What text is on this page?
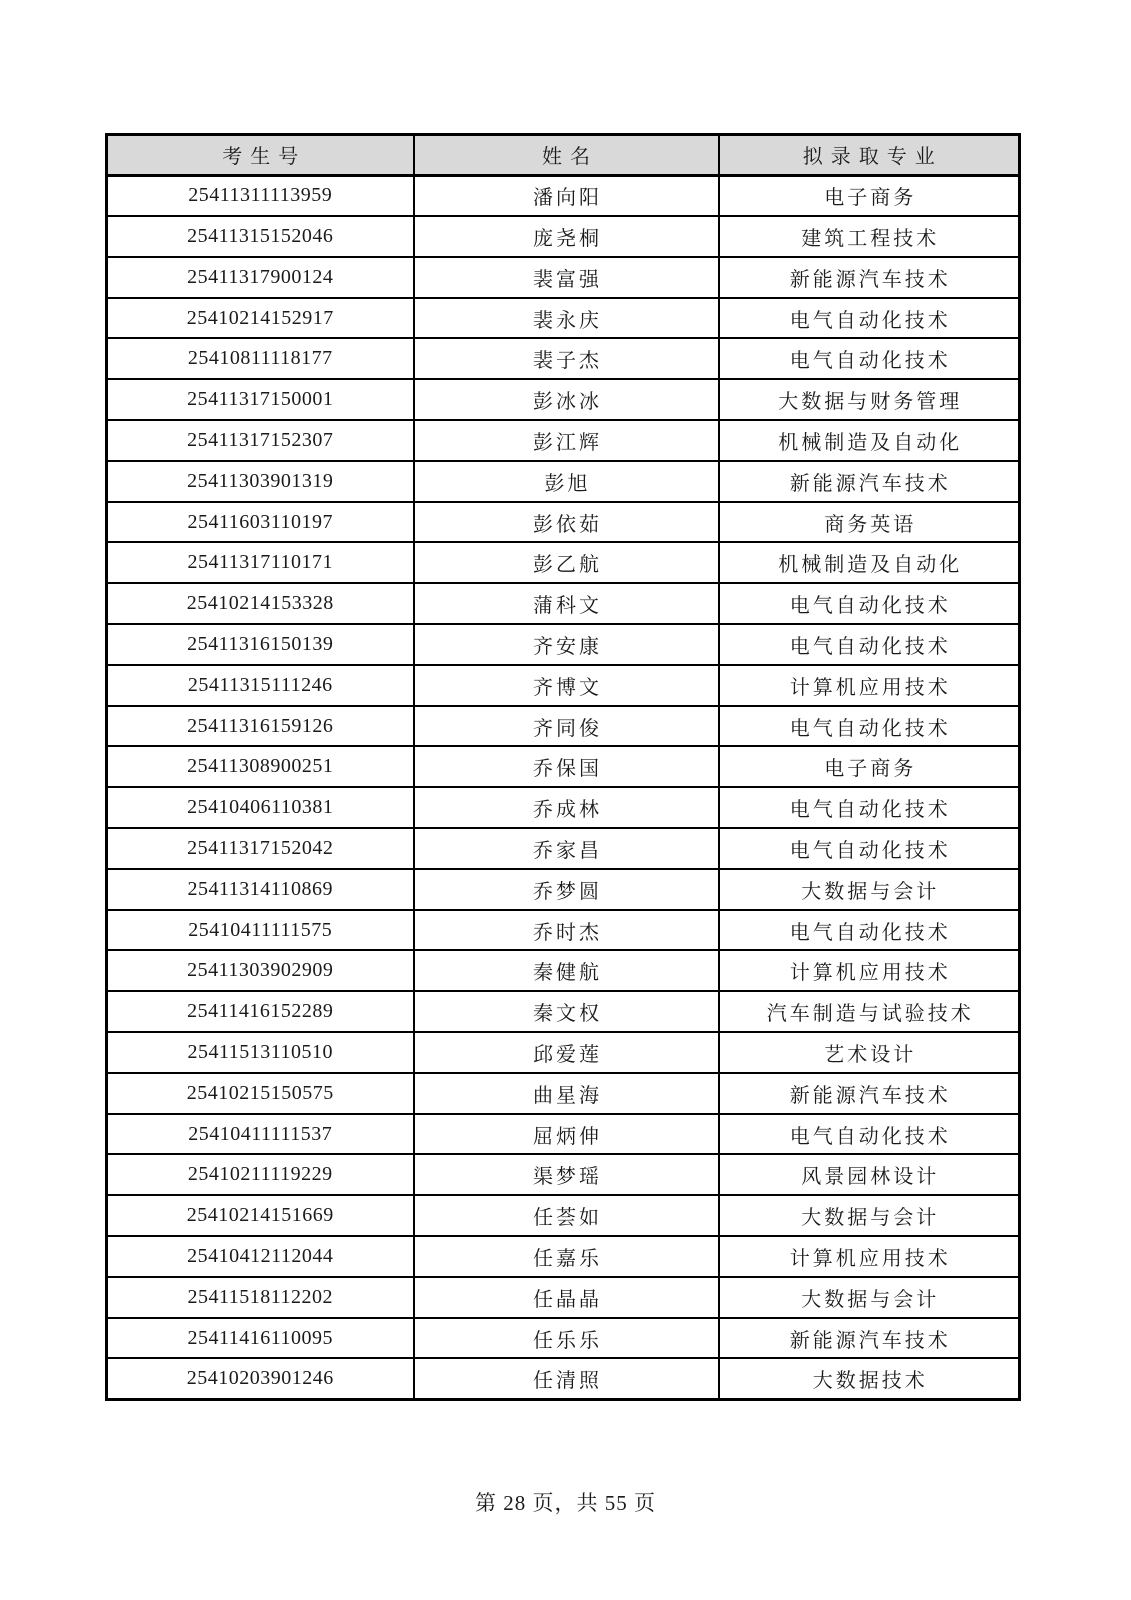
考生号	姓名	拟录取专业
25411311113959	潘向阳	电子商务
25411315152046	庞尧桐	建筑工程技术
25411317900124	裴富强	新能源汽车技术
25410214152917	裴永庆	电气自动化技术
25410811118177	裴子杰	电气自动化技术
25411317150001	彭冰冰	大数据与财务管理
25411317152307	彭江辉	机械制造及自动化
25411303901319	彭旭	新能源汽车技术
25411603110197	彭依茹	商务英语
25411317110171	彭乙航	机械制造及自动化
25410214153328	蒲科文	电气自动化技术
25411316150139	齐安康	电气自动化技术
25411315111246	齐博文	计算机应用技术
25411316159126	齐同俊	电气自动化技术
25411308900251	乔保国	电子商务
25410406110381	乔成林	电气自动化技术
25411317152042	乔家昌	电气自动化技术
25411314110869	乔梦圆	大数据与会计
25410411111575	乔时杰	电气自动化技术
25411303902909	秦健航	计算机应用技术
25411416152289	秦文权	汽车制造与试验技术
25411513110510	邱爱莲	艺术设计
25410215150575	曲星海	新能源汽车技术
25410411111537	屈炳伸	电气自动化技术
25410211119229	渠梦瑶	风景园林设计
25410214151669	任荟如	大数据与会计
25410412112044	任嘉乐	计算机应用技术
25411518112202	任晶晶	大数据与会计
25411416110095	任乐乐	新能源汽车技术
25410203901246	任清照	大数据技术
第 28 页，共 55 页
